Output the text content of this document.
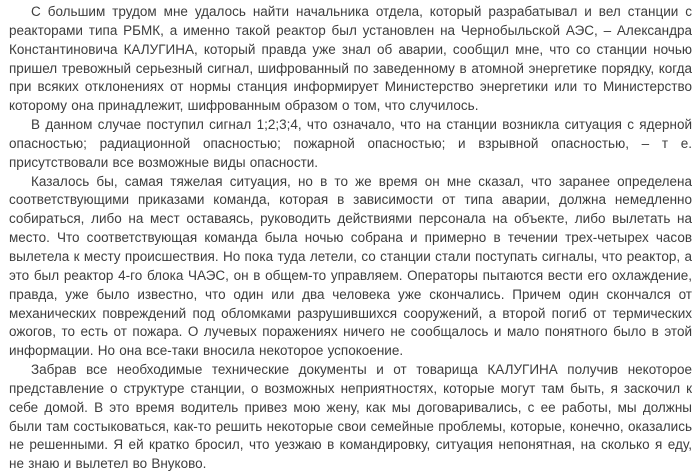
С большим трудом мне удалось найти начальника отдела, который разрабатывал и вел станции с реакторами типа РБМК, а именно такой реактор был установлен на Чернобыльской АЭС, – Александра Константиновича КАЛУГИНА, который правда уже знал об аварии, сообщил мне, что со станции ночью пришел тревожный серьезный сигнал, шифрованный по заведенному в атомной энергетике порядку, когда при всяких отклонениях от нормы станция информирует Министерство энергетики или то Министерство которому она принадлежит, шифрованным образом о том, что случилось.

В данном случае поступил сигнал 1;2;3;4, что означало, что на станции возникла ситуация с ядерной опасностью; радиационной опасностью; пожарной опасностью; и взрывной опасностью, – т е. присутствовали все возможные виды опасности.

Казалось бы, самая тяжелая ситуация, но в то же время он мне сказал, что заранее определена соответствующими приказами команда, которая в зависимости от типа аварии, должна немедленно собираться, либо на мест оставаясь, руководить действиями персонала на объекте, либо вылетать на место. Что соответствующая команда была ночью собрана и примерно в течении трех-четырех часов вылетела к месту происшествия. Но пока туда летели, со станции стали поступать сигналы, что реактор, а это был реактор 4-го блока ЧАЭС, он в общем-то управляем. Операторы пытаются вести его охлаждение, правда, уже было известно, что один или два человека уже скончались. Причем один скончался от механических повреждений под обломками разрушившихся сооружений, а второй погиб от термических ожогов, то есть от пожара. О лучевых поражениях ничего не сообщалось и мало понятного было в этой информации. Но она все-таки вносила некоторое успокоение.

Забрав все необходимые технические документы и от товарища КАЛУГИНА получив некоторое представление о структуре станции, о возможных неприятностях, которые могут там быть, я заскочил к себе домой. В это время водитель привез мою жену, как мы договаривались, с ее работы, мы должны были там состыковаться, как-то решить некоторые свои семейные проблемы, которые, конечно, оказались не решенными. Я ей кратко бросил, что уезжаю в командировку, ситуация непонятная, на сколько я еду, не знаю и вылетел во Внуково.
